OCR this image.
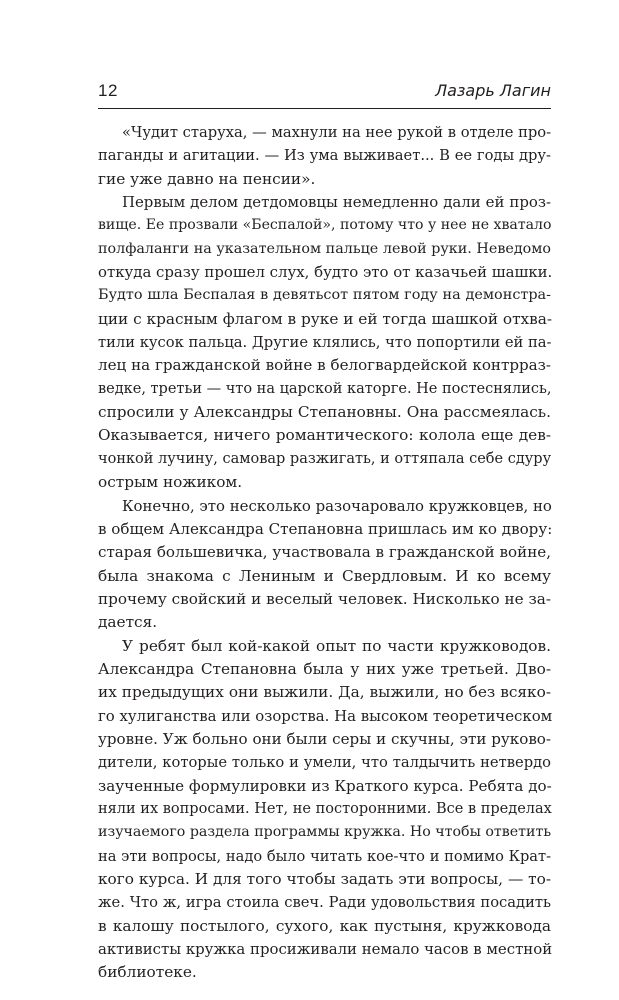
12	Лазарь Лагин
«Чудит старуха, — махнули на нее рукой в отделе про-
паганды и агитации. — Из ума выживает... В ее годы дру-
гие уже давно на пенсии».
Первым делом детдомовцы немедленно дали ей проз-
вище. Ее прозвали «Беспалой», потому что у нее не хватало
полфаланги на указательном пальце левой руки. Неведомо
откуда сразу прошел слух, будто это от казачьей шашки.
Будто шла Беспалая в девятьсот пятом году на демонстра-
ции с красным флагом в руке и ей тогда шашкой отхва-
тили кусок пальца. Другие клялись, что попортили ей па-
лец на гражданской войне в белогвардейской контрраз-
ведке, третьи — что на царской каторге. Не постеснялись,
спросили у Александры Степановны. Она рассмеялась.
Оказывается, ничего романтического: колола еще дев-
чонкой лучину, самовар разжигать, и оттяпала себе сдуру
острым ножиком.
Конечно, это несколько разочаровало кружковцев, но
в общем Александра Степановна пришлась им ко двору:
старая большевичка, участвовала в гражданской войне,
была знакома с Лениным и Свердловым. И ко всему
прочему свойский и веселый человек. Нисколько не за-
дается.
У ребят был кой-какой опыт по части кружководов.
Александра Степановна была у них уже третьей. Дво-
их предыдущих они выжили. Да, выжили, но без всяко-
го хулиганства или озорства. На высоком теоретическом
уровне. Уж больно они были серы и скучны, эти руково-
дители, которые только и умели, что талдычить нетвердо
заученные формулировки из Краткого курса. Ребята до-
няли их вопросами. Нет, не посторонними. Все в пределах
изучаемого раздела программы кружка. Но чтобы ответить
на эти вопросы, надо было читать кое-что и помимо Крат-
кого курса. И для того чтобы задать эти вопросы, — то-
же. Что ж, игра стоила свеч. Ради удовольствия посадить
в калошу постылого, сухого, как пустыня, кружковода
активисты кружка просиживали немало часов в местной
библиотеке.
